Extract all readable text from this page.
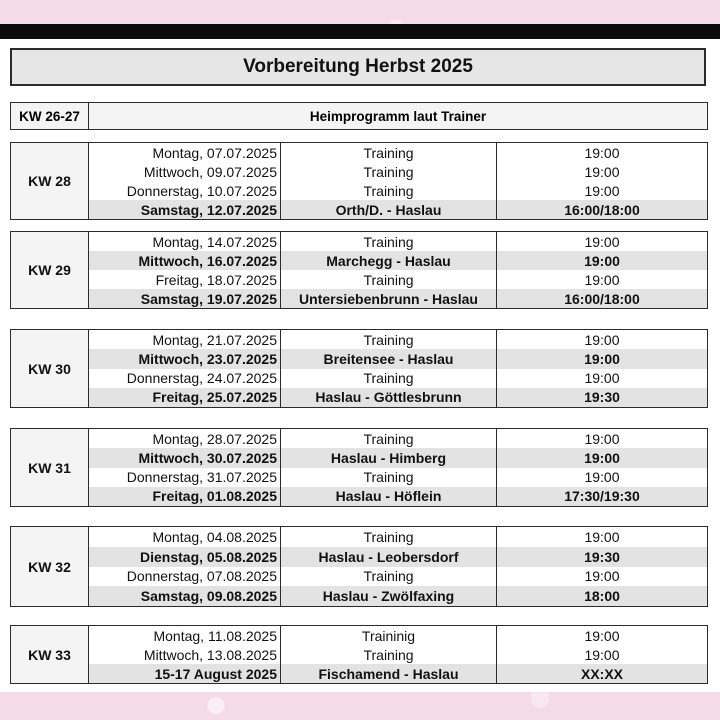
Vorbereitung Herbst 2025
KW 26-27	Heimprogramm laut Trainer
KW 28
Montag, 07.07.2025	Training	19:00
Mittwoch, 09.07.2025	Training	19:00
Donnerstag, 10.07.2025	Training	19:00
Samstag, 12.07.2025	Orth/D. - Haslau	16:00/18:00
KW 29
Montag, 14.07.2025	Training	19:00
Mittwoch, 16.07.2025	Marchegg - Haslau	19:00
Freitag, 18.07.2025	Training	19:00
Samstag, 19.07.2025	Untersiebenbrunn - Haslau	16:00/18:00
KW 30
Montag, 21.07.2025	Training	19:00
Mittwoch, 23.07.2025	Breitensee - Haslau	19:00
Donnerstag, 24.07.2025	Training	19:00
Freitag, 25.07.2025	Haslau - Göttlesbrunn	19:30
KW 31
Montag, 28.07.2025	Training	19:00
Mittwoch, 30.07.2025	Haslau - Himberg	19:00
Donnerstag, 31.07.2025	Training	19:00
Freitag, 01.08.2025	Haslau - Höflein	17:30/19:30
KW 32
Montag, 04.08.2025	Training	19:00
Dienstag, 05.08.2025	Haslau - Leobersdorf	19:30
Donnerstag, 07.08.2025	Training	19:00
Samstag, 09.08.2025	Haslau - Zwölfaxing	18:00
KW 33
Montag, 11.08.2025	Traininig	19:00
Mittwoch, 13.08.2025	Training	19:00
15-17 August 2025	Fischamend - Haslau	XX:XX
